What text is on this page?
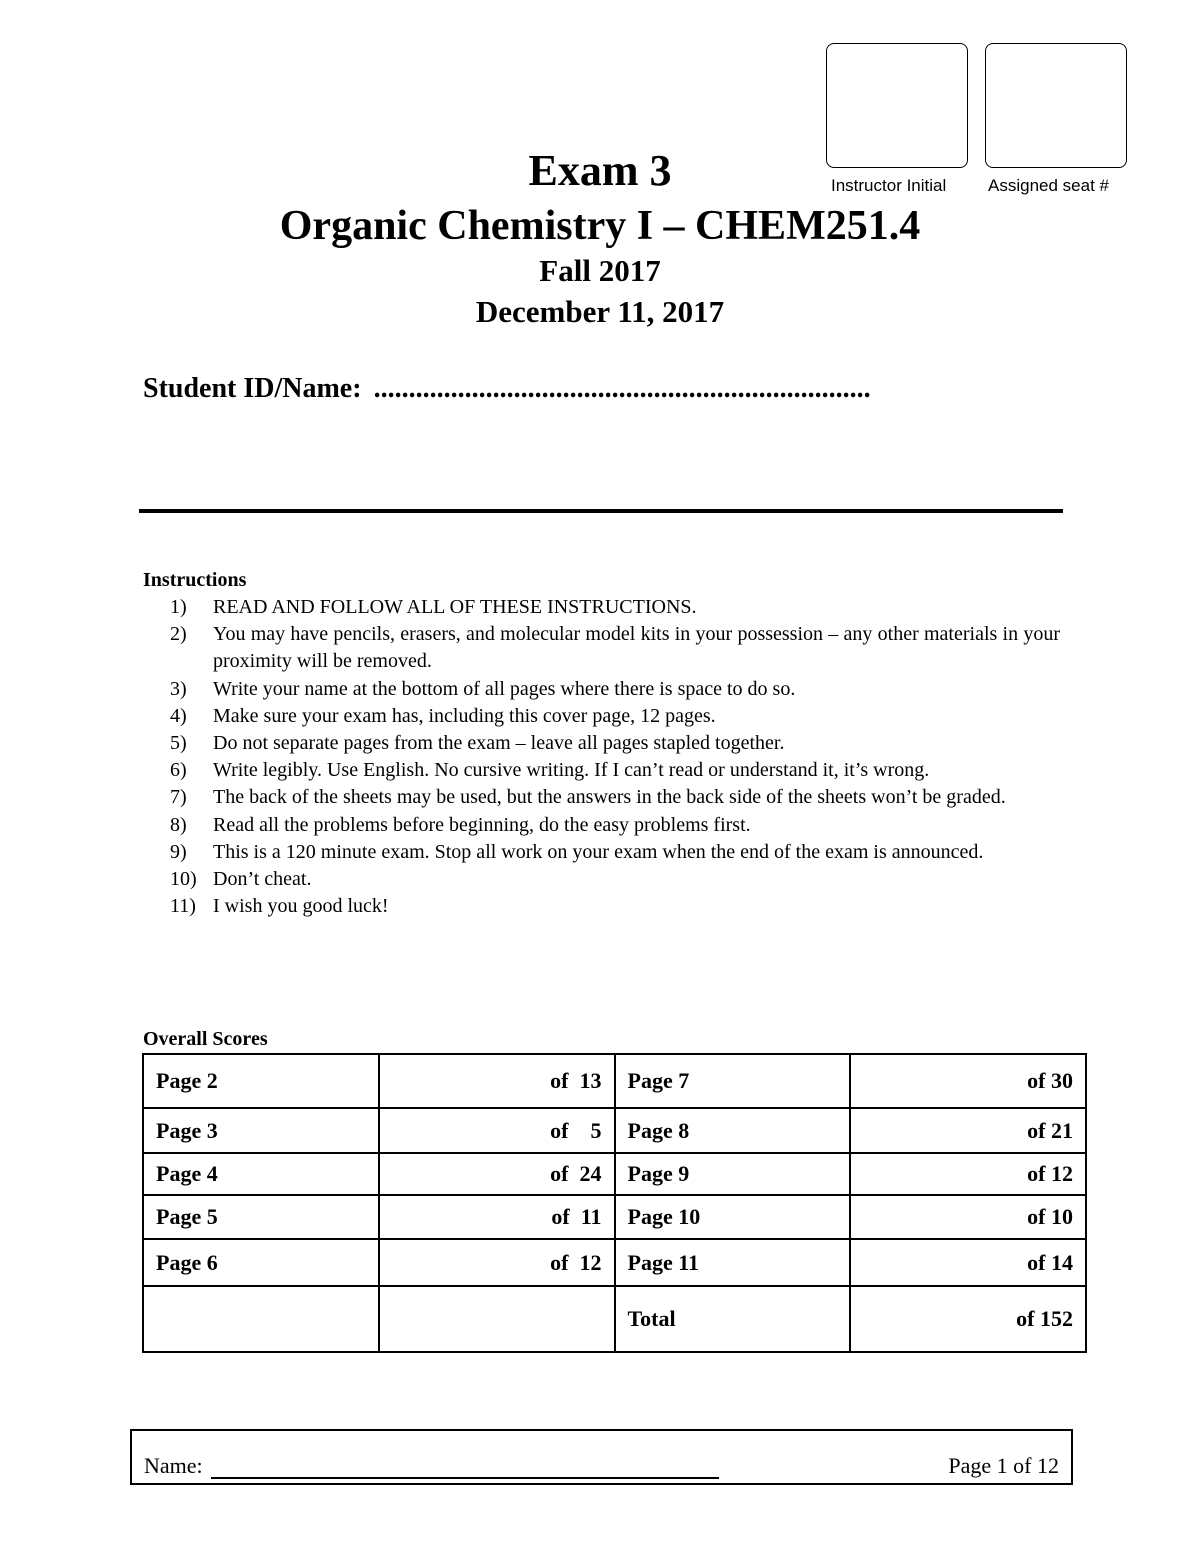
Instructor Initial Assigned seat #
Exam 3
Organic Chemistry I – CHEM251.4
Fall 2017
December 11, 2017
Student ID/Name: .......................................................................
Instructions
1)	READ AND FOLLOW ALL OF THESE INSTRUCTIONS.
2)	You may have pencils, erasers, and molecular model kits in your possession – any other materials in your proximity will be removed.
3)	Write your name at the bottom of all pages where there is space to do so.
4)	Make sure your exam has, including this cover page, 12 pages.
5)	Do not separate pages from the exam – leave all pages stapled together.
6)	Write legibly. Use English. No cursive writing. If I can’t read or understand it, it’s wrong.
7)	The back of the sheets may be used, but the answers in the back side of the sheets won’t be graded.
8)	Read all the problems before beginning, do the easy problems first.
9)	This is a 120 minute exam. Stop all work on your exam when the end of the exam is announced.
10) Don’t cheat.
11) I wish you good luck!
Overall Scores
Page 2	of  13	Page 7	of 30
Page 3	of    5	Page 8	of 21
Page 4	of  24	Page 9	of 12
Page 5	of  11	Page 10	of 10
Page 6	of  12	Page 11	of 14
		Total	of 152
Name:	Page 1 of 12
